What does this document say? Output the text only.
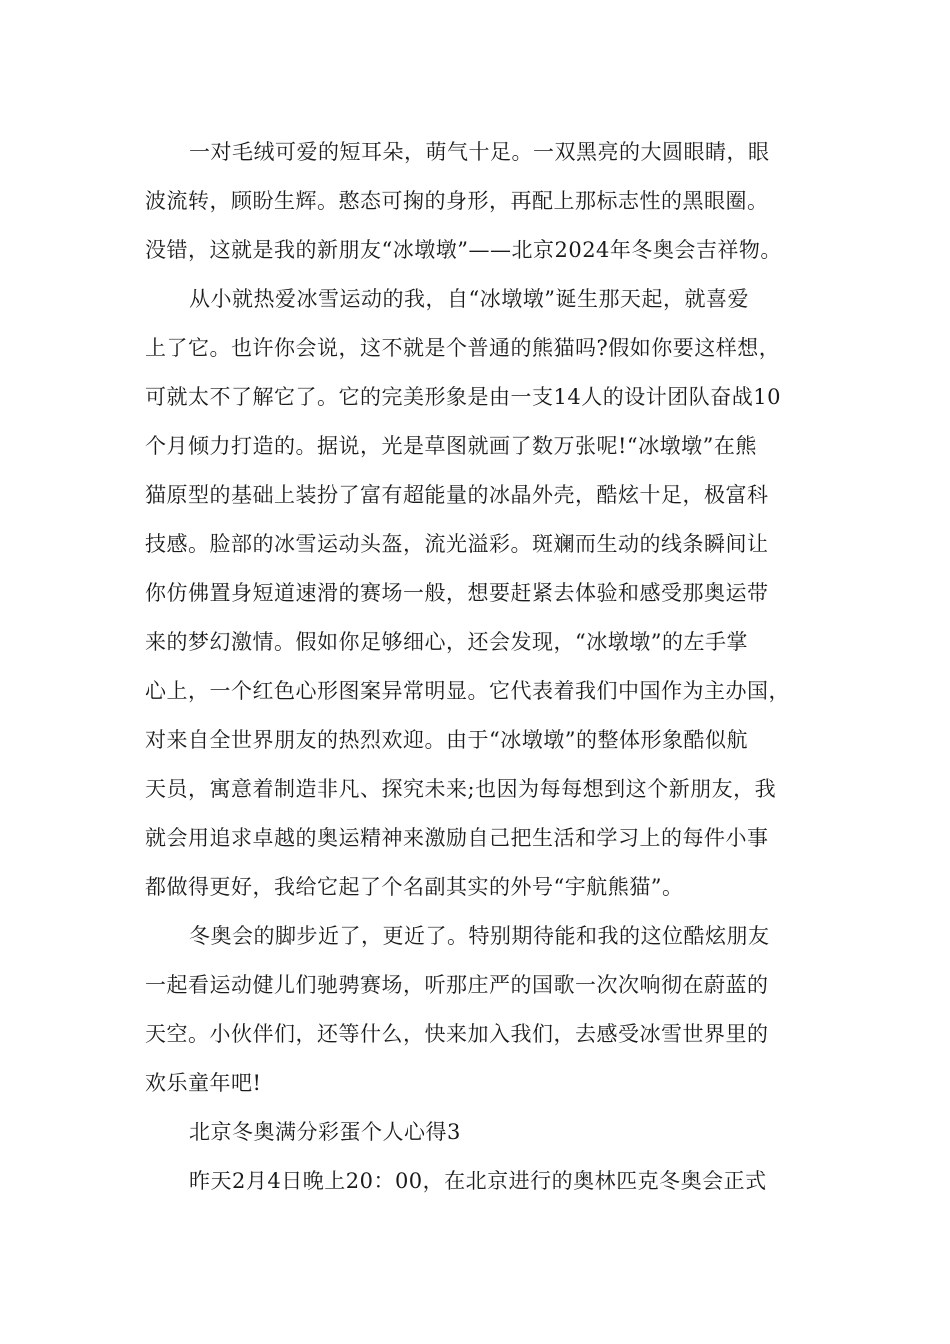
一对毛绒可爱的短耳朵，萌气十足。一双黑亮的大圆眼睛，眼
波流转，顾盼生辉。憨态可掬的身形，再配上那标志性的黑眼圈。
没错，这就是我的新朋友“冰墩墩”——北京2024年冬奥会吉祥物。
从小就热爱冰雪运动的我，自“冰墩墩”诞生那天起，就喜爱
上了它。也许你会说，这不就是个普通的熊猫吗?假如你要这样想，
可就太不了解它了。它的完美形象是由一支14人的设计团队奋战10
个月倾力打造的。据说，光是草图就画了数万张呢!“冰墩墩”在熊
猫原型的基础上装扮了富有超能量的冰晶外壳，酷炫十足，极富科
技感。脸部的冰雪运动头盔，流光溢彩。斑斓而生动的线条瞬间让
你仿佛置身短道速滑的赛场一般，想要赶紧去体验和感受那奥运带
来的梦幻激情。假如你足够细心，还会发现，“冰墩墩”的左手掌
心上，一个红色心形图案异常明显。它代表着我们中国作为主办国，
对来自全世界朋友的热烈欢迎。由于“冰墩墩”的整体形象酷似航
天员，寓意着制造非凡、探究未来;也因为每每想到这个新朋友，我
就会用追求卓越的奥运精神来激励自己把生活和学习上的每件小事
都做得更好，我给它起了个名副其实的外号“宇航熊猫”。
冬奥会的脚步近了，更近了。特别期待能和我的这位酷炫朋友
一起看运动健儿们驰骋赛场，听那庄严的国歌一次次响彻在蔚蓝的
天空。小伙伴们，还等什么，快来加入我们，去感受冰雪世界里的
欢乐童年吧!
北京冬奥满分彩蛋个人心得3
昨天2月4日晚上20：00，在北京进行的奥林匹克冬奥会正式
